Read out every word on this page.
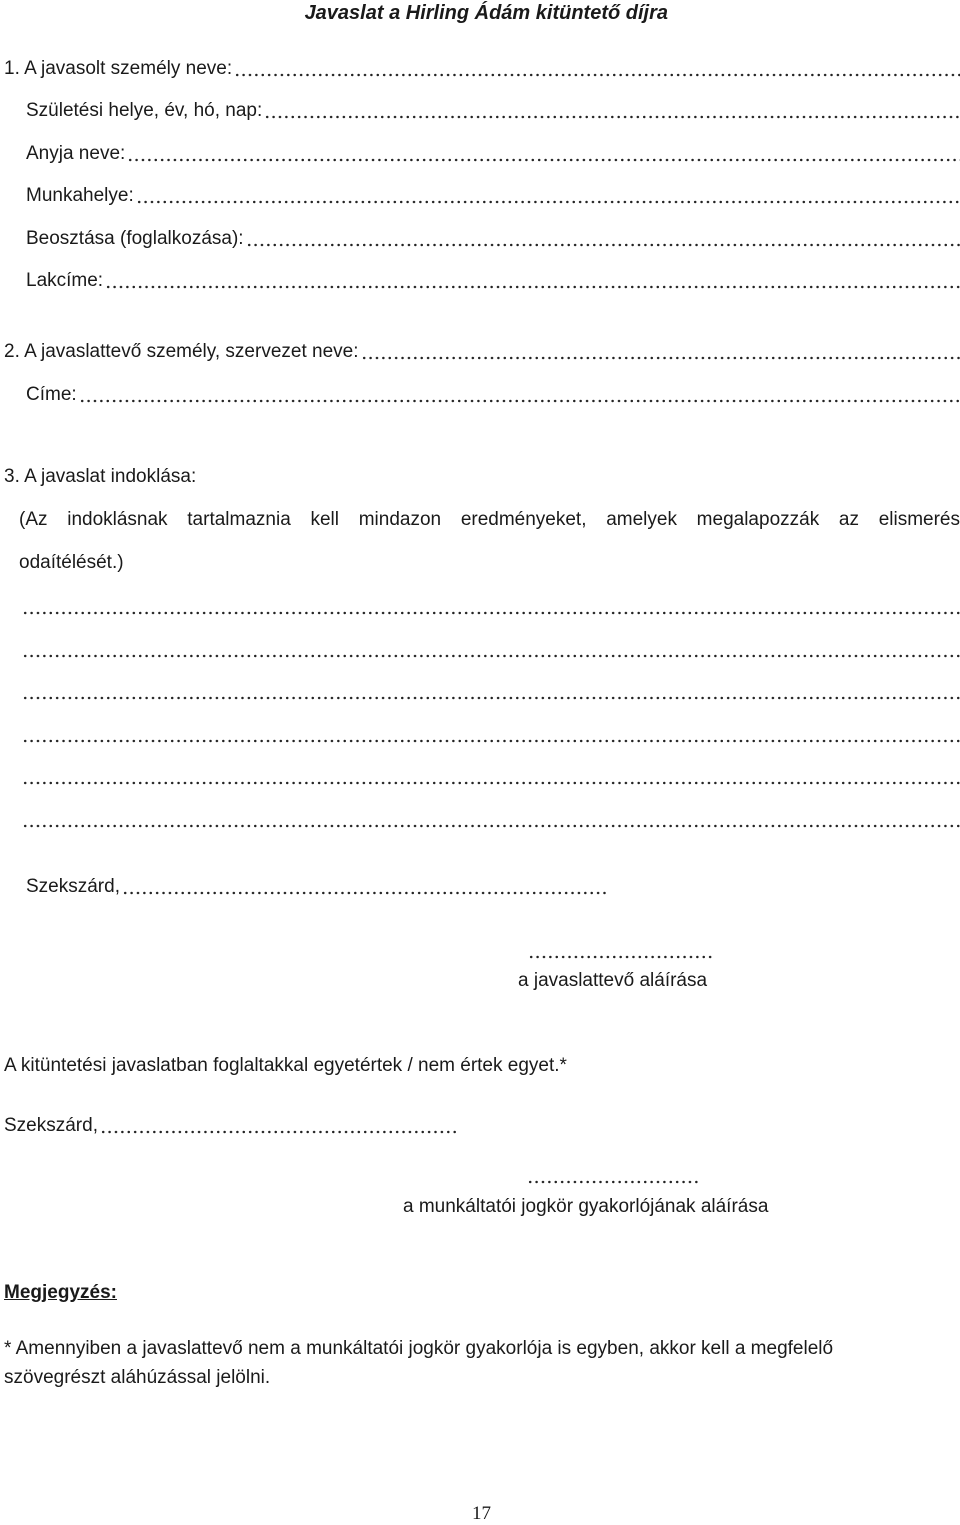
Javaslat a Hirling Ádám kitüntető díjra
1. A javasolt személy neve:
Születési helye, év, hó, nap:
Anyja neve:
Munkahelye:
Beosztása (foglalkozása):
Lakcíme:
2. A javaslattevő személy, szervezet neve:
Címe:
3. A javaslat indoklása:
(Az indoklásnak tartalmaznia kell mindazon eredményeket, amelyek megalapozzák az elismerés
odaítélését.)
Szekszárd,
a javaslattevő aláírása
A kitüntetési javaslatban foglaltakkal egyetértek / nem értek egyet.*
Szekszárd,
a munkáltatói jogkör gyakorlójának aláírása
Megjegyzés:
* Amennyiben a javaslattevő nem a munkáltatói jogkör gyakorlója is egyben, akkor kell a megfelelő
szövegrészt aláhúzással jelölni.
17
